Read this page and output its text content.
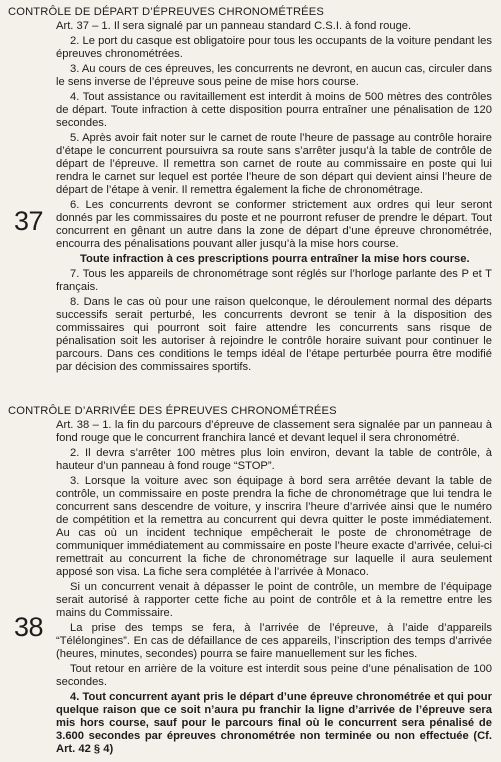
CONTRÔLE DE DÉPART D’ÉPREUVES CHRONOMÉTRÉES
37

Art. 37 – 1. Il sera signalé par un panneau standard C.S.I. à fond rouge.

2. Le port du casque est obligatoire pour tous les occupants de la voiture pendant les épreuves chronométrées.

3. Au cours de ces épreuves, les concurrents ne devront, en aucun cas, circuler dans le sens inverse de l’épreuve sous peine de mise hors course.

4. Tout assistance ou ravitaillement est interdit à moins de 500 mètres des contrôles de départ. Toute infraction à cette disposition pourra entraîner une pénalisation de 120 secondes.

5. Après avoir fait noter sur le carnet de route l’heure de passage au contrôle horaire d’étape le concurrent poursuivra sa route sans s’arrêter jusqu’à la table de contrôle de départ de l’épreuve. Il remettra son carnet de route au commissaire en poste qui lui rendra le carnet sur lequel est portée l’heure de son départ qui devient ainsi l’heure de départ de l’étape à venir. Il remettra également la fiche de chronométrage.

6. Les concurrents devront se conformer strictement aux ordres qui leur seront donnés par les commissaires du poste et ne pourront refuser de prendre le départ. Tout concurrent en gênant un autre dans la zone de départ d’une épreuve chronométrée, encourra des pénalisations pouvant aller jusqu’à la mise hors course.

Toute infraction à ces prescriptions pourra entraîner la mise hors course.

7. Tous les appareils de chronométrage sont réglés sur l’horloge parlante des P et T français.

8. Dans le cas où pour une raison quelconque, le déroulement normal des départs successifs serait perturbé, les concurrents devront se tenir à la disposition des commissaires qui pourront soit faire attendre les concurrents sans risque de pénalisation soit les autoriser à rejoindre le contrôle horaire suivant pour continuer le parcours. Dans ces conditions le temps idéal de l’étape perturbée pourra être modifié par décision des commissaires sportifs.

CONTRÔLE D’ARRIVÉE DES ÉPREUVES CHRONOMÉTRÉES
38

Art. 38 – 1. la fin du parcours d’épreuve de classement sera signalée par un panneau à fond rouge que le concurrent franchira lancé et devant lequel il sera chronométré.

2. Il devra s’arrêter 100 mètres plus loin environ, devant la table de contrôle, à hauteur d’un panneau à fond rouge “STOP”.

3. Lorsque la voiture avec son équipage à bord sera arrêtée devant la table de contrôle, un commissaire en poste prendra la fiche de chronométrage que lui tendra le concurrent sans descendre de voiture, y inscrira l’heure d’arrivée ainsi que le numéro de compétition et la remettra au concurrent qui devra quitter le poste immédiatement. Au cas où un incident technique empêcherait le poste de chronométrage de communiquer immédiatement au commissaire en poste l’heure exacte d’arrivée, celui-ci remettrait au concurrent la fiche de chronométrage sur laquelle il aura seulement apposé son visa. La fiche sera complétée à l’arrivée à Monaco.

Si un concurrent venait à dépasser le point de contrôle, un membre de l’équipage serait autorisé à rapporter cette fiche au point de contrôle et à la remettre entre les mains du Commissaire.

La prise des temps se fera, à l’arrivée de l’épreuve, à l’aide d’appareils “Télélongines”. En cas de défaillance de ces appareils, l’inscription des temps d’arrivée (heures, minutes, secondes) pourra se faire manuellement sur les fiches.

Tout retour en arrière de la voiture est interdit sous peine d’une pénalisation de 100 secondes.

4. Tout concurrent ayant pris le départ d’une épreuve chronométrée et qui pour quelque raison que ce soit n’aura pu franchir la ligne d’arrivée de l’épreuve sera mis hors course, sauf pour le parcours final où le concurrent sera pénalisé de 3.600 secondes par épreuves chronométrée non terminée ou non effectuée (Cf. Art. 42 § 4)
